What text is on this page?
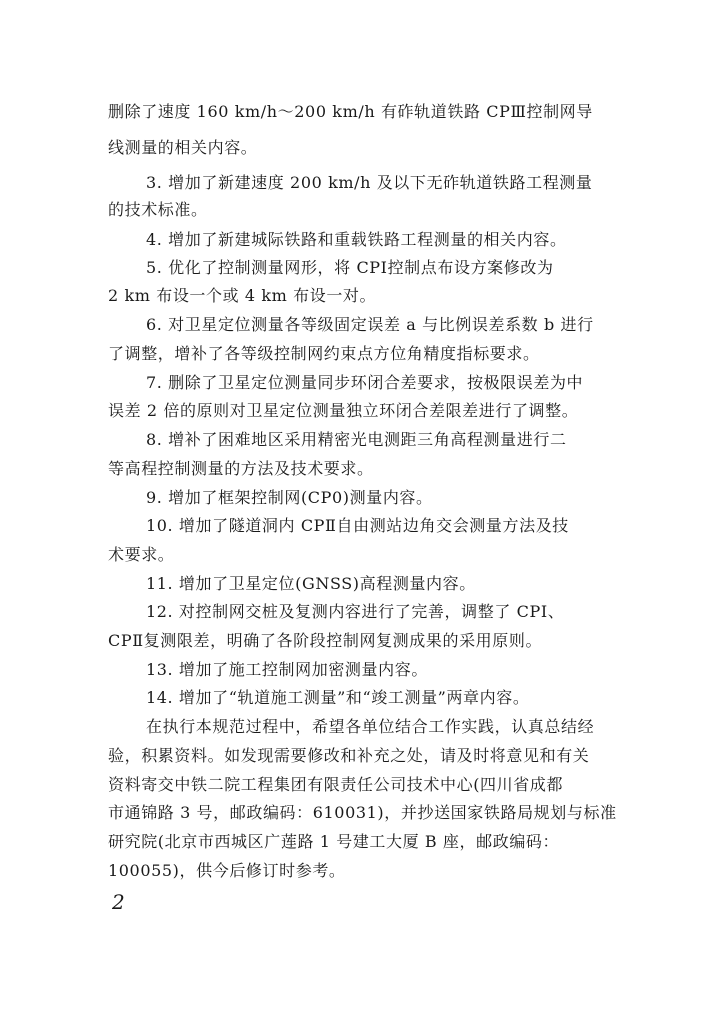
删除了速度 160 km/h～200 km/h 有砟轨道铁路 CPⅢ控制网导
线测量的相关内容。
3. 增加了新建速度 200 km/h 及以下无砟轨道铁路工程测量
的技术标准。
4. 增加了新建城际铁路和重载铁路工程测量的相关内容。
5. 优化了控制测量网形，将 CPⅠ控制点布设方案修改为
2 km 布设一个或 4 km 布设一对。
6. 对卫星定位测量各等级固定误差 a 与比例误差系数 b 进行
了调整，增补了各等级控制网约束点方位角精度指标要求。
7. 删除了卫星定位测量同步环闭合差要求，按极限误差为中
误差 2 倍的原则对卫星定位测量独立环闭合差限差进行了调整。
8. 增补了困难地区采用精密光电测距三角高程测量进行二
等高程控制测量的方法及技术要求。
9. 增加了框架控制网(CP0)测量内容。
10. 增加了隧道洞内 CPⅡ自由测站边角交会测量方法及技
术要求。
11. 增加了卫星定位(GNSS)高程测量内容。
12. 对控制网交桩及复测内容进行了完善，调整了 CPⅠ、
CPⅡ复测限差，明确了各阶段控制网复测成果的采用原则。
13. 增加了施工控制网加密测量内容。
14. 增加了“轨道施工测量”和“竣工测量”两章内容。
在执行本规范过程中，希望各单位结合工作实践，认真总结经
验，积累资料。如发现需要修改和补充之处，请及时将意见和有关
资料寄交中铁二院工程集团有限责任公司技术中心(四川省成都
市通锦路 3 号，邮政编码：610031)，并抄送国家铁路局规划与标准
研究院(北京市西城区广莲路 1 号建工大厦 B 座，邮政编码：
100055)，供今后修订时参考。
2
